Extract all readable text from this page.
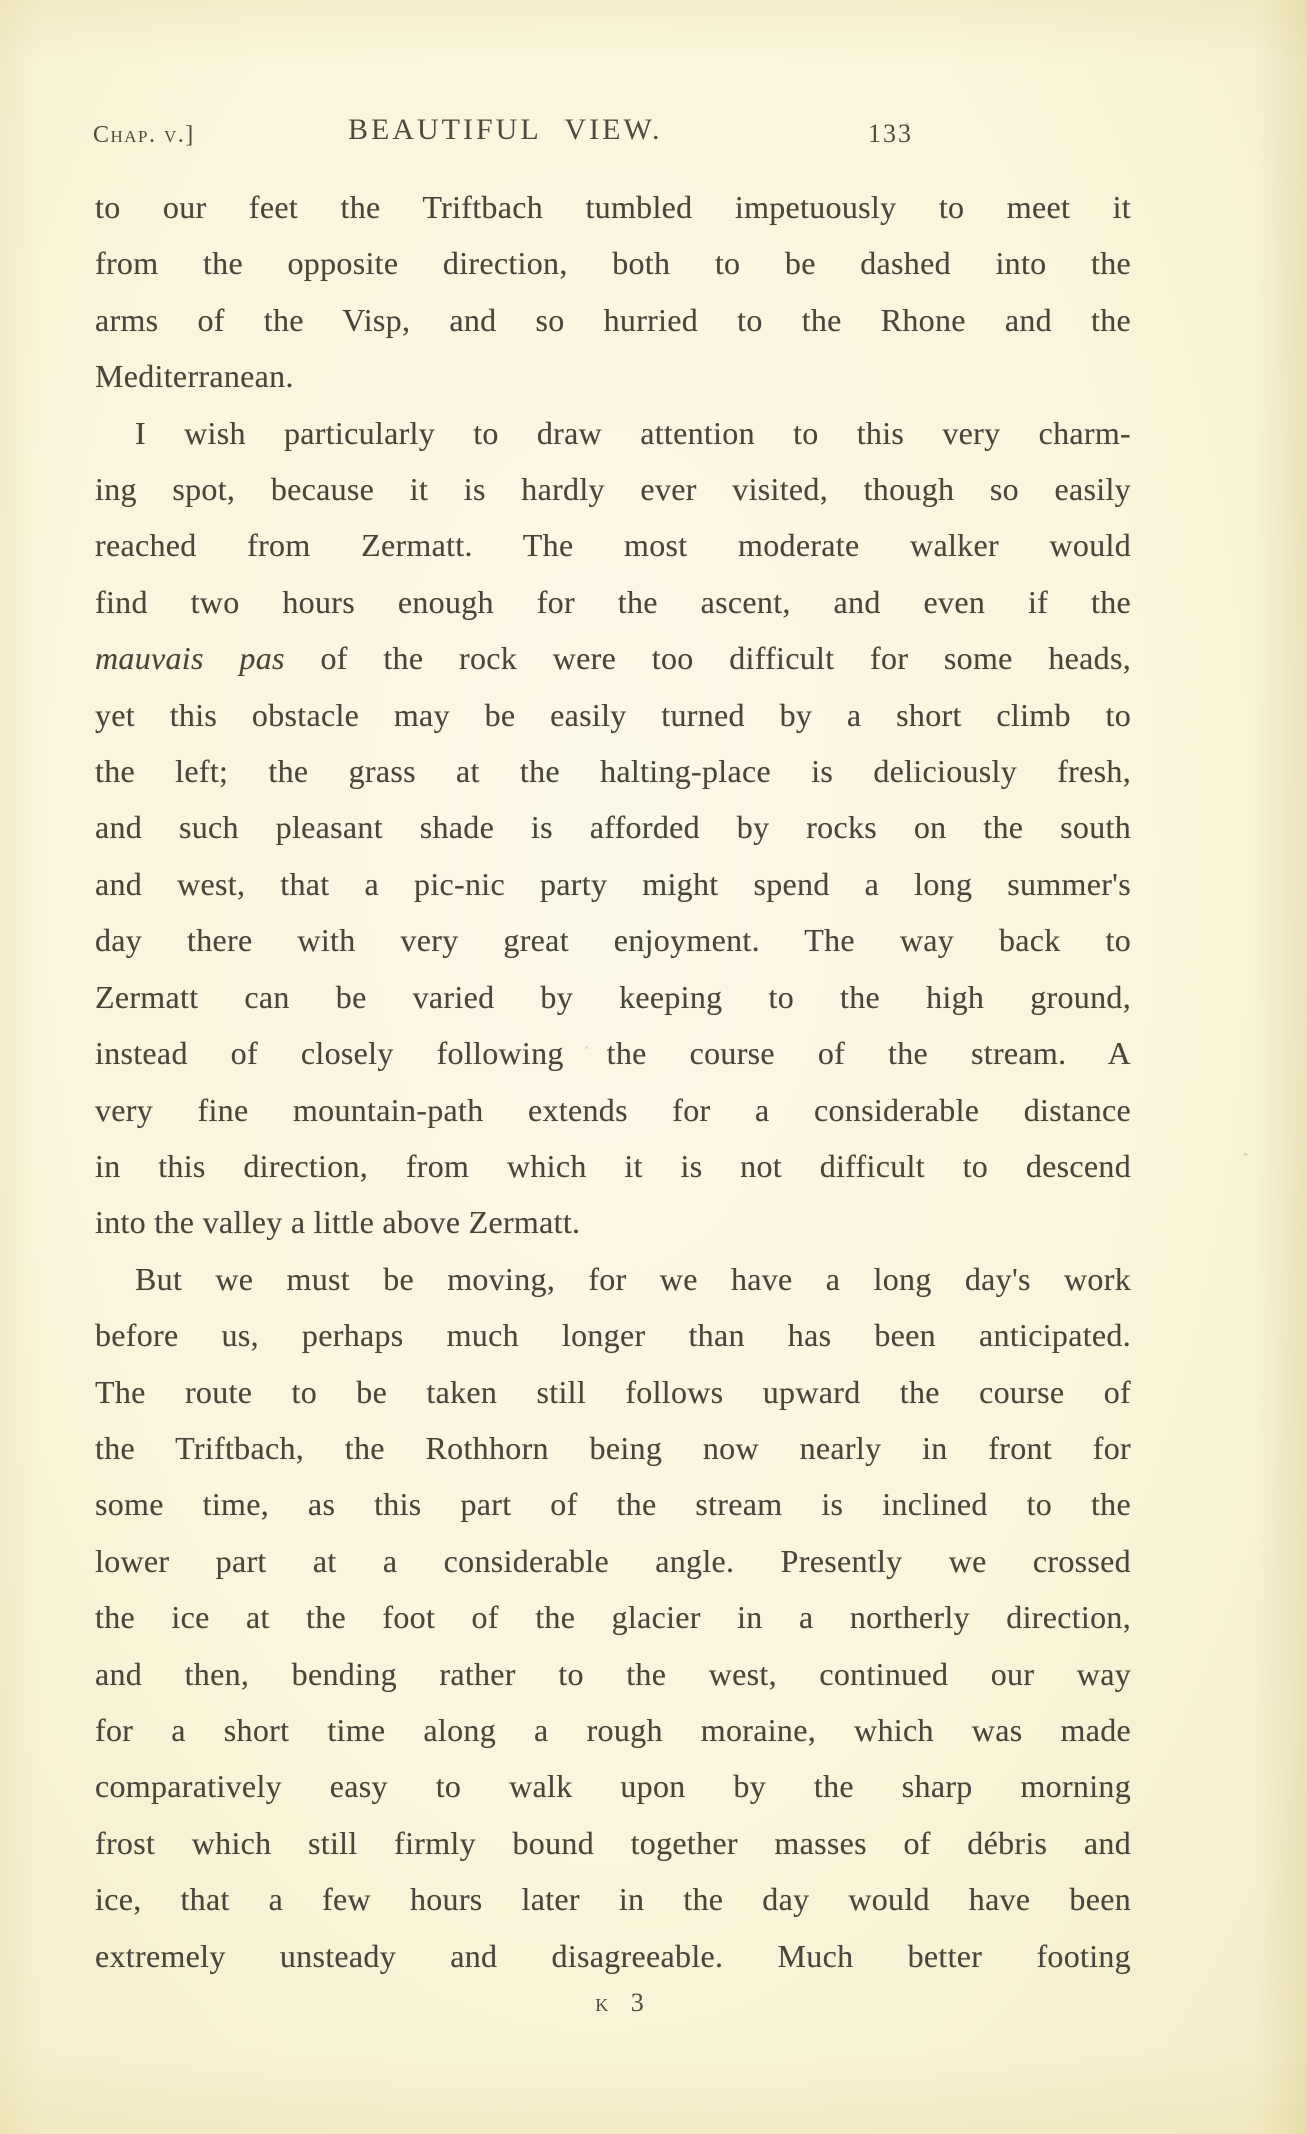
Chap. v.]	BEAUTIFUL VIEW.	133
to our feet the Triftbach tumbled impetuously to meet it
from the opposite direction, both to be dashed into the
arms of the Visp, and so hurried to the Rhone and the
Mediterranean.
I wish particularly to draw attention to this very charm-
ing spot, because it is hardly ever visited, though so easily
reached from Zermatt. The most moderate walker would
find two hours enough for the ascent, and even if the
mauvais pas of the rock were too difficult for some heads,
yet this obstacle may be easily turned by a short climb to
the left; the grass at the halting-place is deliciously fresh,
and such pleasant shade is afforded by rocks on the south
and west, that a pic-nic party might spend a long summer's
day there with very great enjoyment. The way back to
Zermatt can be varied by keeping to the high ground,
instead of closely following the course of the stream. A
very fine mountain-path extends for a considerable distance
in this direction, from which it is not difficult to descend
into the valley a little above Zermatt.
But we must be moving, for we have a long day's work
before us, perhaps much longer than has been anticipated.
The route to be taken still follows upward the course of
the Triftbach, the Rothhorn being now nearly in front for
some time, as this part of the stream is inclined to the
lower part at a considerable angle. Presently we crossed
the ice at the foot of the glacier in a northerly direction,
and then, bending rather to the west, continued our way
for a short time along a rough moraine, which was made
comparatively easy to walk upon by the sharp morning
frost which still firmly bound together masses of débris and
ice, that a few hours later in the day would have been
extremely unsteady and disagreeable. Much better footing
k 3
